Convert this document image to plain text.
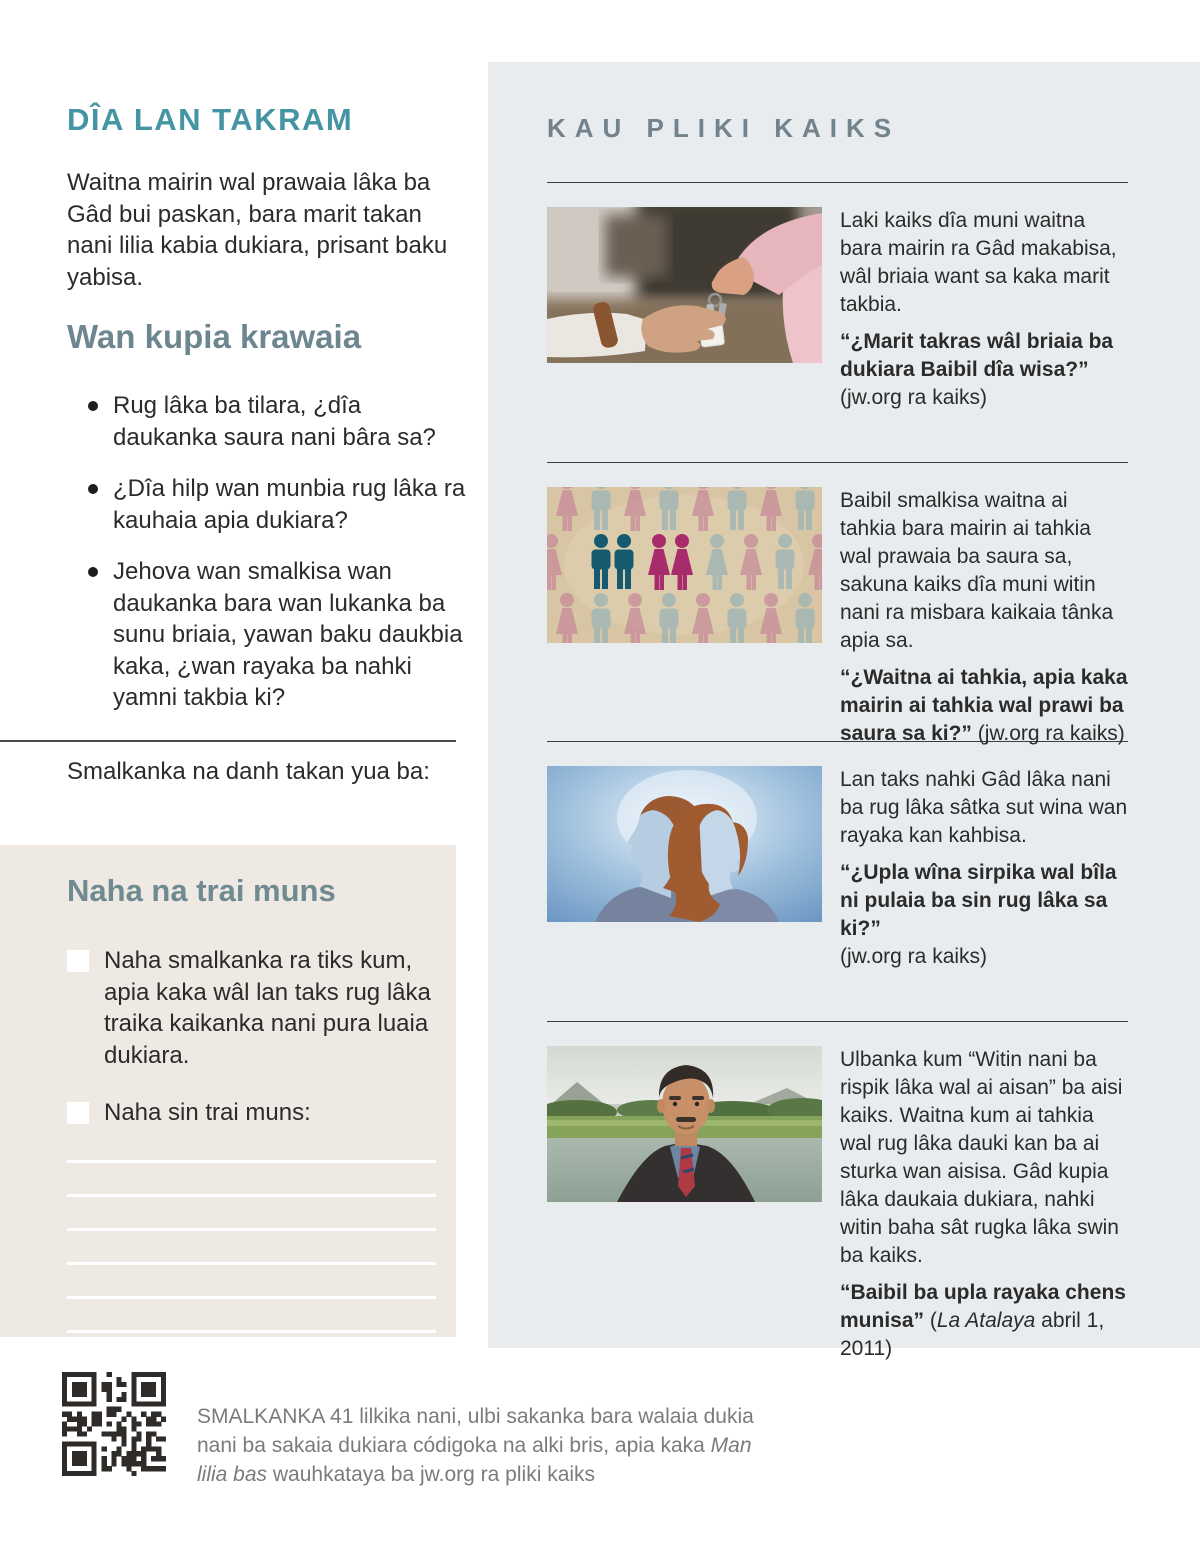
DÎA LAN TAKRAM

Waitna mairin wal prawaia lâka ba Gâd bui paskan, bara marit takan nani lilia kabia dukiara, prisant baku yabisa.

Wan kupia krawaia
Rug lâka ba tilara, ¿dîa daukanka saura nani bâra sa?
¿Dîa hilp wan munbia rug lâka ra kauhaia apia dukiara?
Jehova wan smalkisa wan daukanka bara wan lukanka ba sunu briaia, yawan baku daukbia kaka, ¿wan rayaka ba nahki yamni takbia ki?

Smalkanka na danh takan yua ba:

Naha na trai muns
Naha smalkanka ra tiks kum, apia kaka wâl lan taks rug lâka traika kaikanka nani pura luaia dukiara.
Naha sin trai muns:
KAU PLIKI KAIKS

Laki kaiks dîa muni waitna bara mairin ra Gâd makabisa, wâl briaia want sa kaka marit takbia.

“¿Marit takras wâl briaia ba dukiara Baibil dîa wisa?”

(jw.org ra kaiks)

Baibil smalkisa waitna ai tahkia bara mairin ai tahkia wal prawaia ba saura sa, sakuna kaiks dîa muni witin nani ra misbara kaikaia tânka apia sa.

“¿Waitna ai tahkia, apia kaka mairin ai tahkia wal prawi ba saura sa ki?” (jw.org ra kaiks)

Lan taks nahki Gâd lâka nani ba rug lâka sâtka sut wina wan rayaka kan kahbisa.

“¿Upla wîna sirpika wal bîla ni pulaia ba sin rug lâka sa ki?”

(jw.org ra kaiks)

Ulbanka kum “Witin nani ba rispik lâka wal ai aisan” ba aisi kaiks. Waitna kum ai tahkia wal rug lâka dauki kan ba ai sturka wan aisisa. Gâd kupia lâka daukaia dukiara, nahki witin baha sât rugka lâka swin ba kaiks.

“Baibil ba upla rayaka chens munisa” (La Atalaya abril 1, 2011)

SMALKANKA 41 lilkika nani, ulbi sakanka bara walaia dukia nani ba sakaia dukiara códigoka na alki bris, apia kaka Man lilia bas wauhkataya ba jw.org ra pliki kaiks
